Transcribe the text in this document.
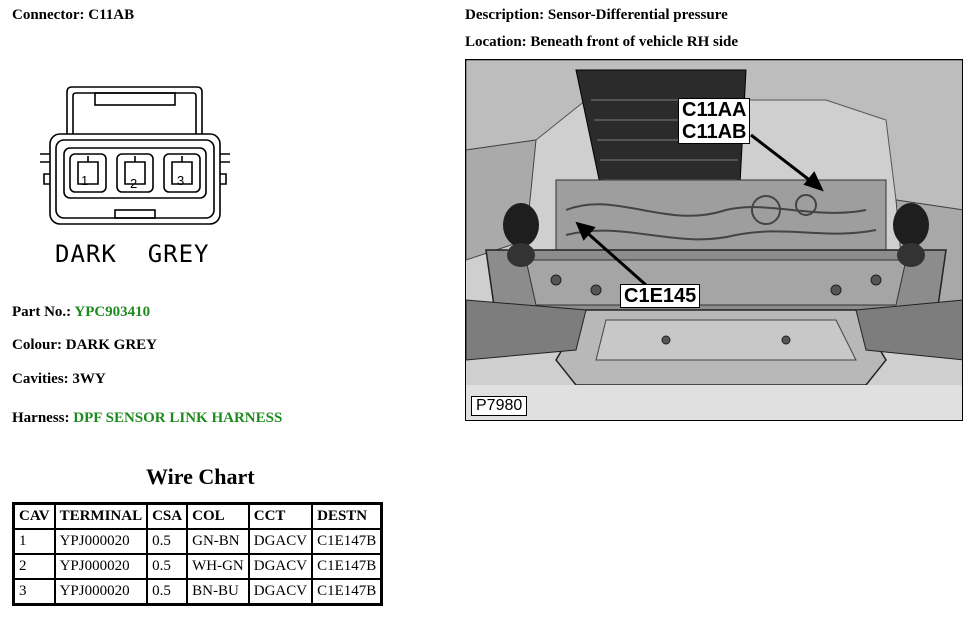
Connector: C11AB	Description: Sensor-Differential pressure
Location: Beneath front of vehicle RH side
1	2	3
DARK  GREY
Part No.: YPC903410
Colour: DARK GREY
Cavities: 3WY
Harness: DPF SENSOR LINK HARNESS
C11AA
C11AB
C1E145
P7980
Wire Chart
CAV	TERMINAL	CSA	COL	CCT	DESTN
1	YPJ000020	0.5	GN-BN	DGACV	C1E147B
2	YPJ000020	0.5	WH-GN	DGACV	C1E147B
3	YPJ000020	0.5	BN-BU	DGACV	C1E147B
